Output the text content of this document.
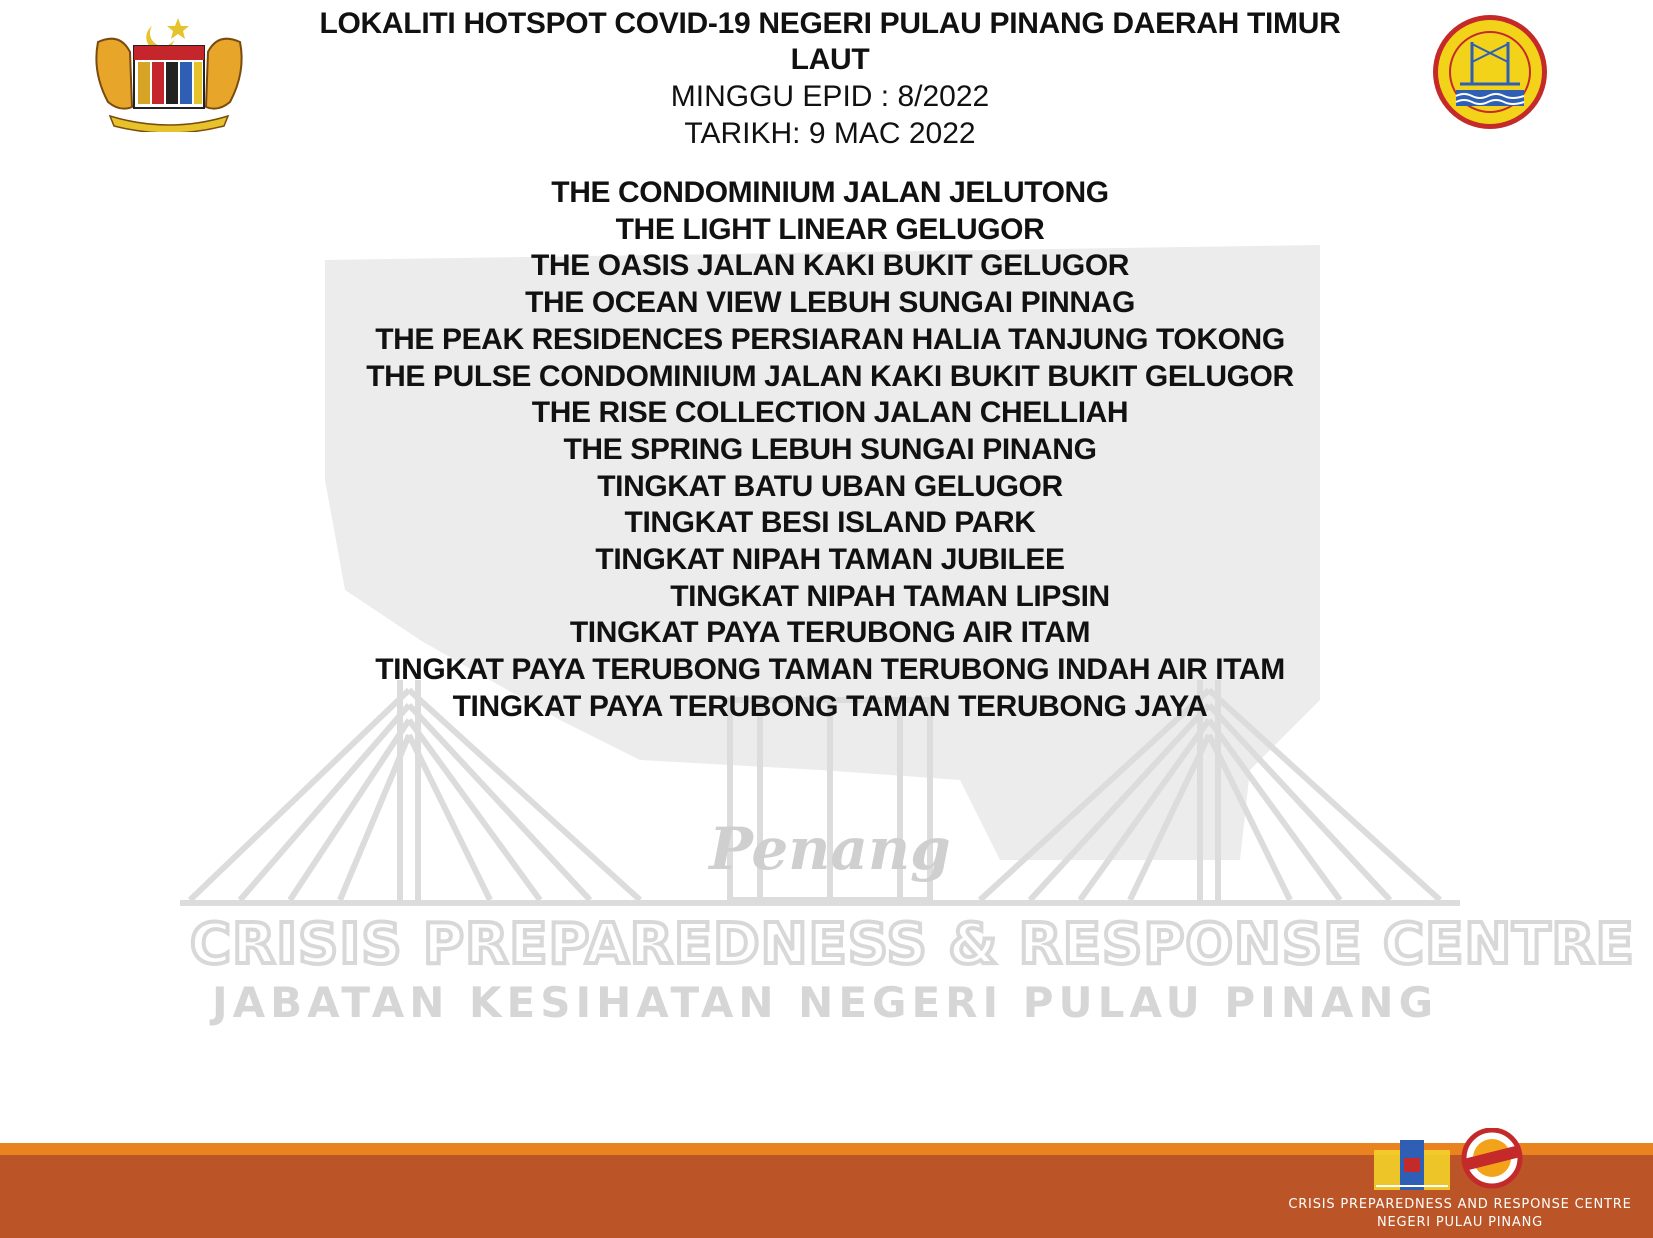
Penang
CRISIS PREPAREDNESS & RESPONSE CENTRE
JABATAN KESIHATAN NEGERI PULAU PINANG
LOKALITI HOTSPOT COVID-19 NEGERI PULAU PINANG DAERAH TIMUR
LAUT
MINGGU EPID : 8/2022
TARIKH: 9 MAC 2022
THE CONDOMINIUM JALAN JELUTONG
THE LIGHT LINEAR GELUGOR
THE OASIS JALAN KAKI BUKIT GELUGOR
THE OCEAN VIEW LEBUH SUNGAI PINNAG
THE PEAK RESIDENCES PERSIARAN HALIA TANJUNG TOKONG
THE PULSE CONDOMINIUM JALAN KAKI BUKIT BUKIT GELUGOR
THE RISE COLLECTION JALAN CHELLIAH
THE SPRING LEBUH SUNGAI PINANG
TINGKAT BATU UBAN GELUGOR
TINGKAT BESI ISLAND PARK
TINGKAT NIPAH TAMAN JUBILEE
TINGKAT NIPAH TAMAN LIPSIN
TINGKAT PAYA TERUBONG AIR ITAM
TINGKAT PAYA TERUBONG TAMAN TERUBONG INDAH AIR ITAM
TINGKAT PAYA TERUBONG TAMAN TERUBONG JAYA
CRISIS PREPAREDNESS AND RESPONSE CENTRE
NEGERI PULAU PINANG
